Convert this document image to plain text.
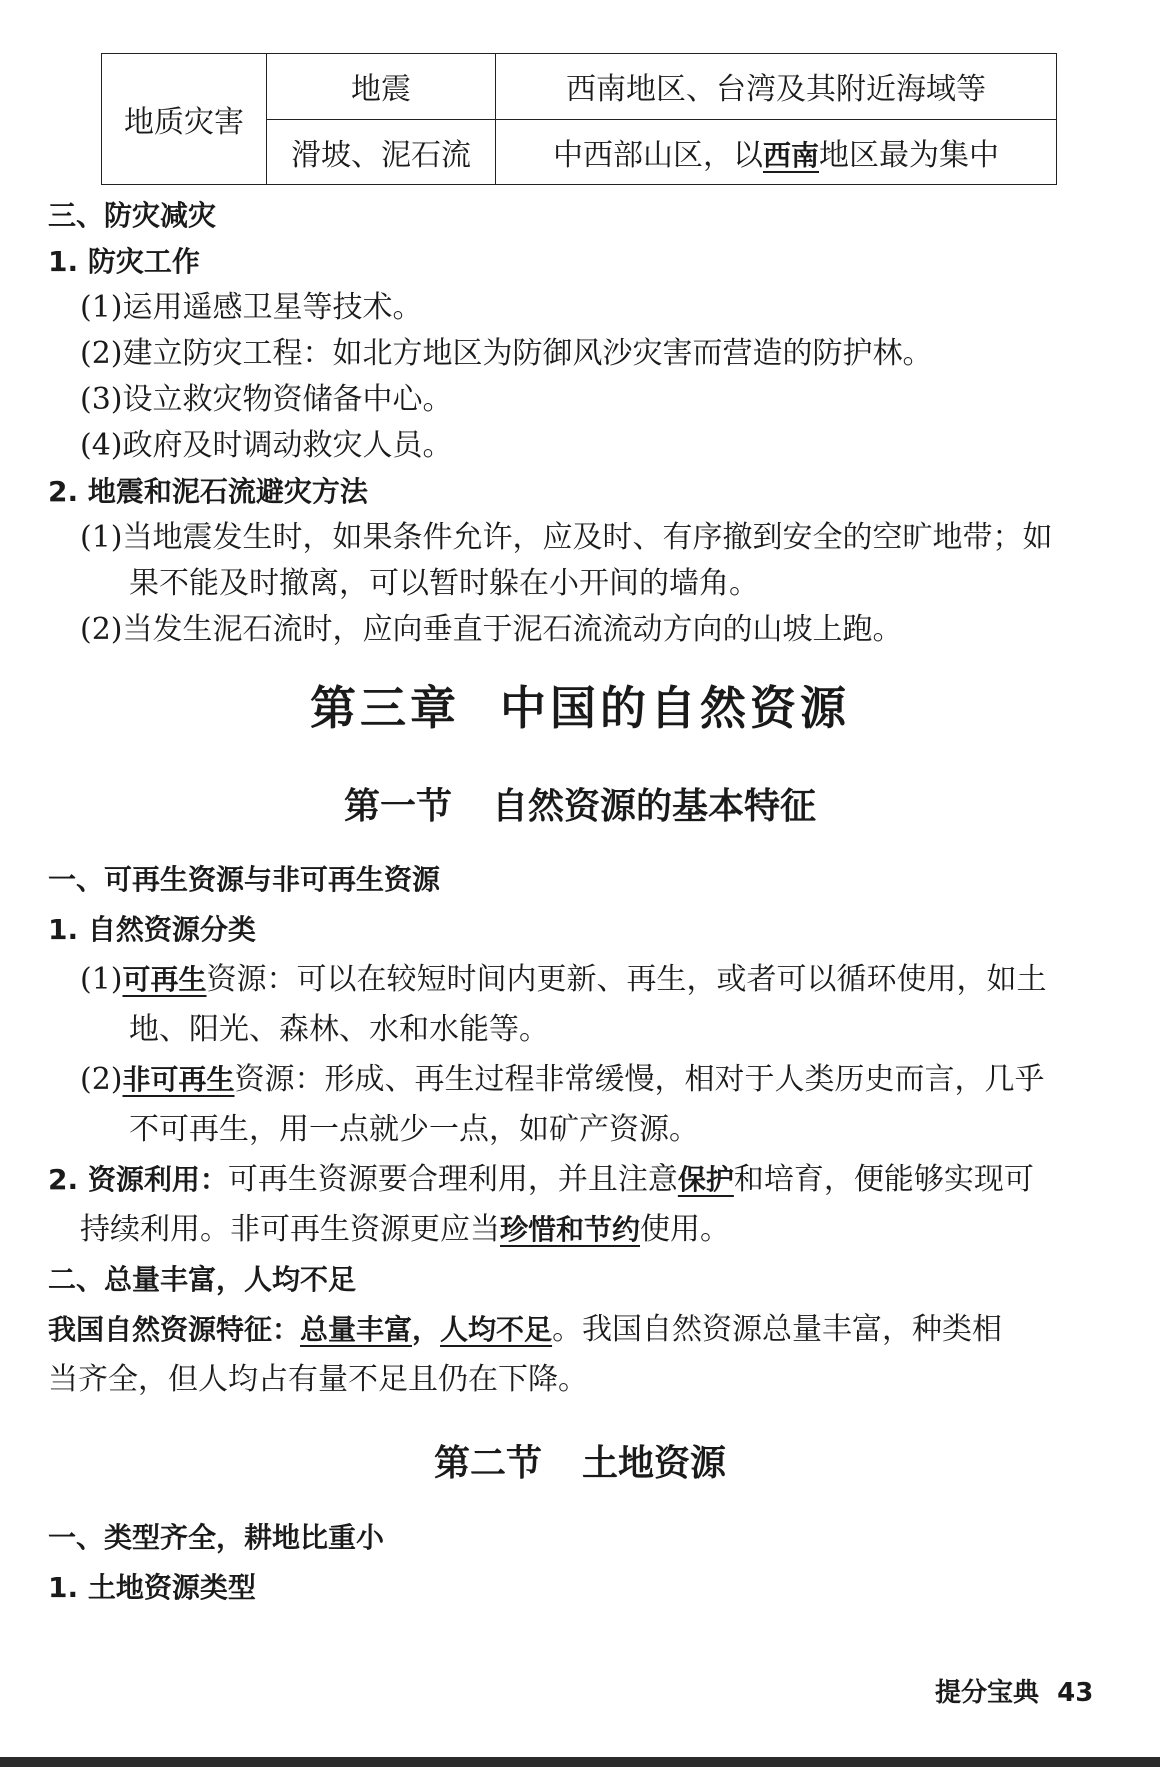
地质灾害	地震	西南地区、台湾及其附近海域等
	滑坡、泥石流	中西部山区，以西南地区最为集中
三、防灾减灾
1. 防灾工作
(1)运用遥感卫星等技术。
(2)建立防灾工程：如北方地区为防御风沙灾害而营造的防护林。
(3)设立救灾物资储备中心。
(4)政府及时调动救灾人员。
2. 地震和泥石流避灾方法
(1)当地震发生时，如果条件允许，应及时、有序撤到安全的空旷地带；如
果不能及时撤离，可以暂时躲在小开间的墙角。
(2)当发生泥石流时，应向垂直于泥石流流动方向的山坡上跑。
第三章 中国的自然资源
第一节 自然资源的基本特征
一、可再生资源与非可再生资源
1. 自然资源分类
(1)可再生资源：可以在较短时间内更新、再生，或者可以循环使用，如土
地、阳光、森林、水和水能等。
(2)非可再生资源：形成、再生过程非常缓慢，相对于人类历史而言，几乎
不可再生，用一点就少一点，如矿产资源。
2. 资源利用：可再生资源要合理利用，并且注意保护和培育，便能够实现可
持续利用。非可再生资源更应当珍惜和节约使用。
二、总量丰富，人均不足
我国自然资源特征：总量丰富，人均不足。我国自然资源总量丰富，种类相
当齐全，但人均占有量不足且仍在下降。
第二节 土地资源
一、类型齐全，耕地比重小
1. 土地资源类型
提分宝典 43
